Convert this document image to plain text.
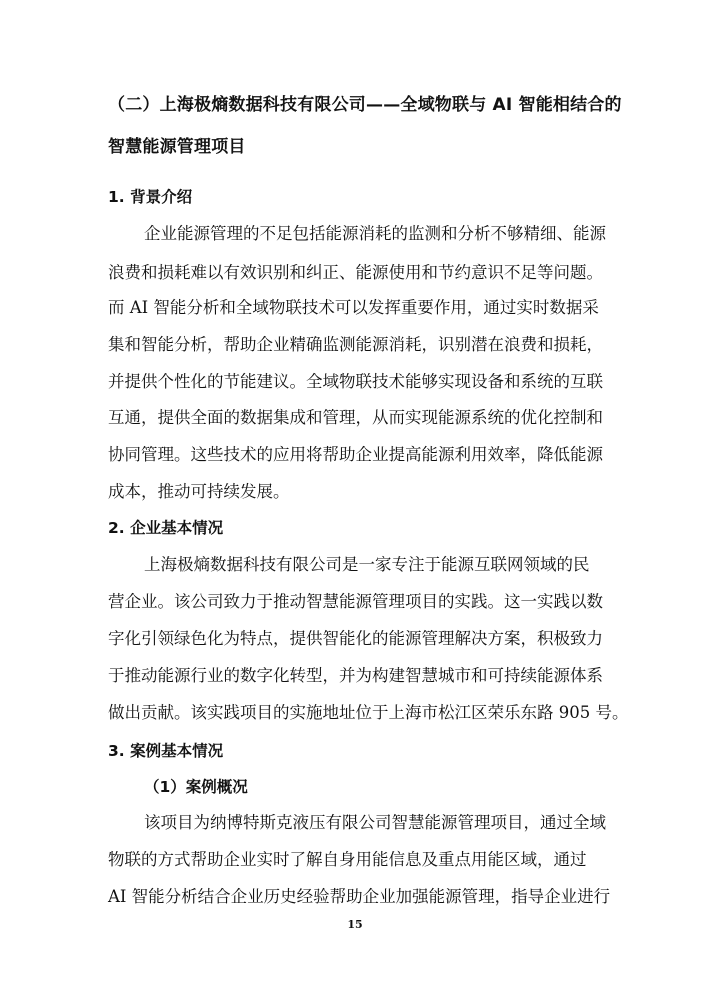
（二）上海极熵数据科技有限公司——全域物联与 AI 智能相结合的
智慧能源管理项目
1. 背景介绍
企业能源管理的不足包括能源消耗的监测和分析不够精细、能源
浪费和损耗难以有效识别和纠正、能源使用和节约意识不足等问题。
而 AI 智能分析和全域物联技术可以发挥重要作用，通过实时数据采
集和智能分析，帮助企业精确监测能源消耗，识别潜在浪费和损耗，
并提供个性化的节能建议。全域物联技术能够实现设备和系统的互联
互通，提供全面的数据集成和管理，从而实现能源系统的优化控制和
协同管理。这些技术的应用将帮助企业提高能源利用效率，降低能源
成本，推动可持续发展。
2. 企业基本情况
上海极熵数据科技有限公司是一家专注于能源互联网领域的民
营企业。该公司致力于推动智慧能源管理项目的实践。这一实践以数
字化引领绿色化为特点，提供智能化的能源管理解决方案，积极致力
于推动能源行业的数字化转型，并为构建智慧城市和可持续能源体系
做出贡献。该实践项目的实施地址位于上海市松江区荣乐东路 905 号。
3. 案例基本情况
（1）案例概况
该项目为纳博特斯克液压有限公司智慧能源管理项目，通过全域
物联的方式帮助企业实时了解自身用能信息及重点用能区域，通过
AI 智能分析结合企业历史经验帮助企业加强能源管理，指导企业进行
15
